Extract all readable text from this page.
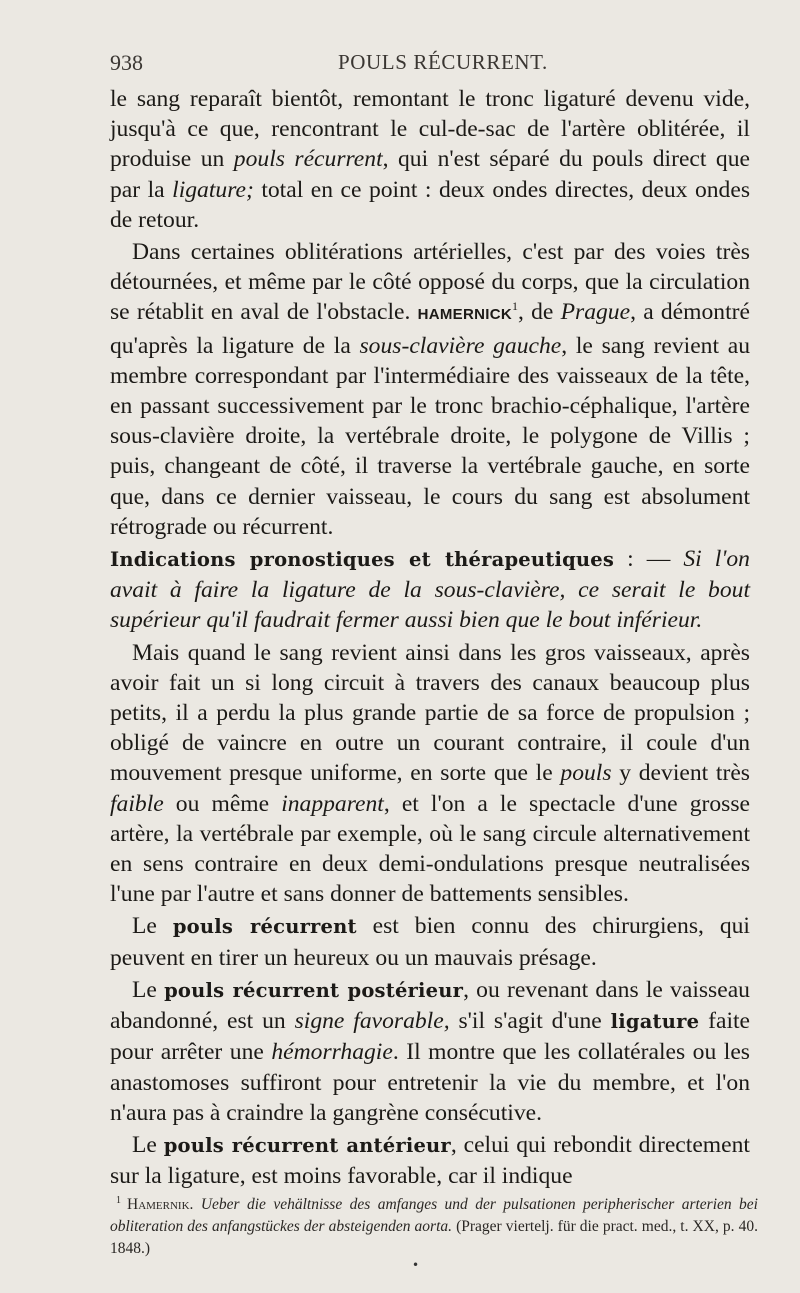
938	POULS RÉCURRENT.

le sang reparaît bientôt, remontant le tronc ligaturé devenu vide, jusqu'à ce que, rencontrant le cul-de-sac de l'artère oblitérée, il produise un pouls récurrent, qui n'est séparé du pouls direct que par la ligature; total en ce point : deux ondes directes, deux ondes de retour.

Dans certaines oblitérations artérielles, c'est par des voies très détournées, et même par le côté opposé du corps, que la circulation se rétablit en aval de l'obstacle. HAMERNICK$^1$, de Prague, a démontré qu'après la ligature de la sous-clavière gauche, le sang revient au membre correspondant par l'intermédiaire des vaisseaux de la tête, en passant successivement par le tronc brachio-céphalique, l'artère sous-clavière droite, la vertébrale droite, le polygone de Villis ; puis, changeant de côté, il traverse la vertébrale gauche, en sorte que, dans ce dernier vaisseau, le cours du sang est absolument rétrograde ou récurrent.

Indications pronostiques et thérapeutiques : — Si l'on avait à faire la ligature de la sous-clavière, ce serait le bout supérieur qu'il faudrait fermer aussi bien que le bout inférieur.

Mais quand le sang revient ainsi dans les gros vaisseaux, après avoir fait un si long circuit à travers des canaux beaucoup plus petits, il a perdu la plus grande partie de sa force de propulsion ; obligé de vaincre en outre un courant contraire, il coule d'un mouvement presque uniforme, en sorte que le pouls y devient très faible ou même inapparent, et l'on a le spectacle d'une grosse artère, la vertébrale par exemple, où le sang circule alternativement en sens contraire en deux demi-ondulations presque neutralisées l'une par l'autre et sans donner de battements sensibles.

Le pouls récurrent est bien connu des chirurgiens, qui peuvent en tirer un heureux ou un mauvais présage.

Le pouls récurrent postérieur, ou revenant dans le vaisseau abandonné, est un signe favorable, s'il s'agit d'une ligature faite pour arrêter une hémorrhagie. Il montre que les collatérales ou les anastomoses suffiront pour entretenir la vie du membre, et l'on n'aura pas à craindre la gangrène consécutive.

Le pouls récurrent antérieur, celui qui rebondit directement sur la ligature, est moins favorable, car il indique

$^1$ Hamernik. Ueber die vehältnisse des amfanges und der pulsationen peripherischer arterien bei obliteration des anfangstückes der absteigenden aorta. (Prager viertelj. für die pract. med., t. XX, p. 40. 1848.)
•
